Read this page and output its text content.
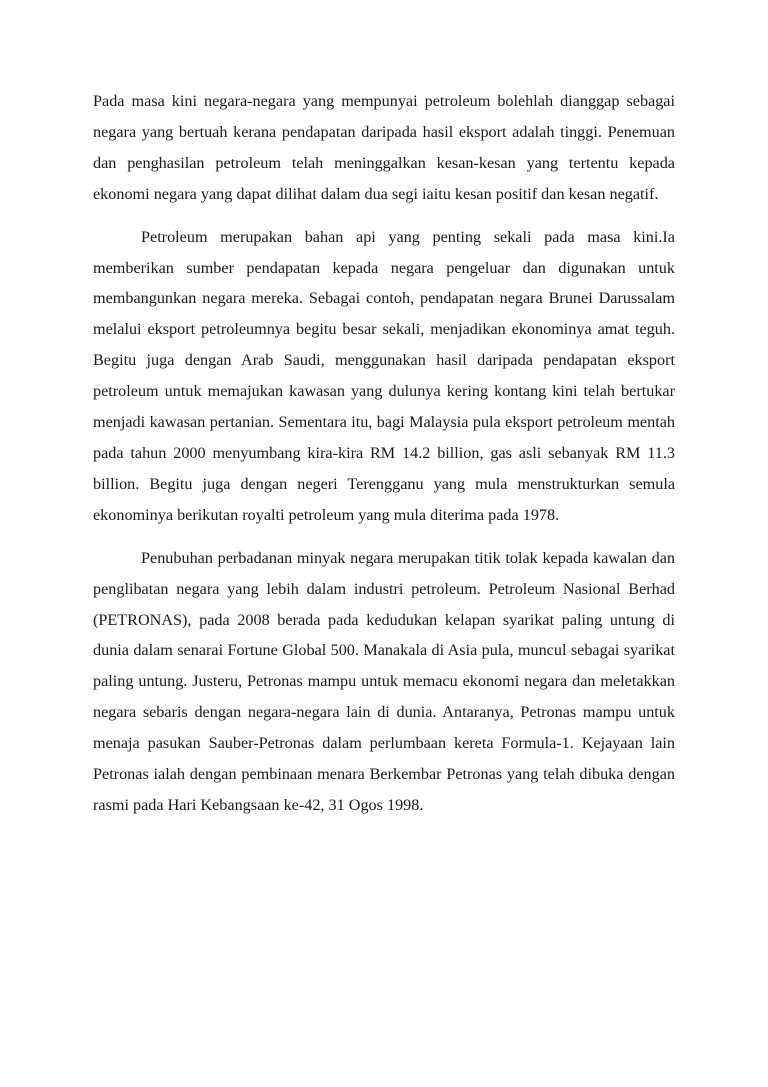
Pada masa kini negara-negara yang mempunyai petroleum bolehlah dianggap sebagai negara yang bertuah kerana pendapatan daripada hasil eksport adalah tinggi. Penemuan dan penghasilan petroleum telah meninggalkan kesan-kesan yang tertentu kepada ekonomi negara yang dapat dilihat dalam dua segi iaitu kesan positif dan kesan negatif.

Petroleum merupakan bahan api yang penting sekali pada masa kini.Ia memberikan sumber pendapatan kepada negara pengeluar dan digunakan untuk membangunkan negara mereka. Sebagai contoh, pendapatan negara Brunei Darussalam melalui eksport petroleumnya begitu besar sekali, menjadikan ekonominya amat teguh. Begitu juga dengan Arab Saudi, menggunakan hasil daripada pendapatan eksport petroleum untuk memajukan kawasan yang dulunya kering kontang kini telah bertukar menjadi kawasan pertanian. Sementara itu, bagi Malaysia pula eksport petroleum mentah pada tahun 2000 menyumbang kira-kira RM 14.2 billion, gas asli sebanyak RM 11.3 billion. Begitu juga dengan negeri Terengganu yang mula menstrukturkan semula ekonominya berikutan royalti petroleum yang mula diterima pada 1978.

Penubuhan perbadanan minyak negara merupakan titik tolak kepada kawalan dan penglibatan negara yang lebih dalam industri petroleum. Petroleum Nasional Berhad (PETRONAS), pada 2008 berada pada kedudukan kelapan syarikat paling untung di dunia dalam senarai Fortune Global 500. Manakala di Asia pula, muncul sebagai syarikat paling untung. Justeru, Petronas mampu untuk memacu ekonomi negara dan meletakkan negara sebaris dengan negara-negara lain di dunia. Antaranya, Petronas mampu untuk menaja pasukan Sauber-Petronas dalam perlumbaan kereta Formula-1. Kejayaan lain Petronas ialah dengan pembinaan menara Berkembar Petronas yang telah dibuka dengan rasmi pada Hari Kebangsaan ke-42, 31 Ogos 1998.
